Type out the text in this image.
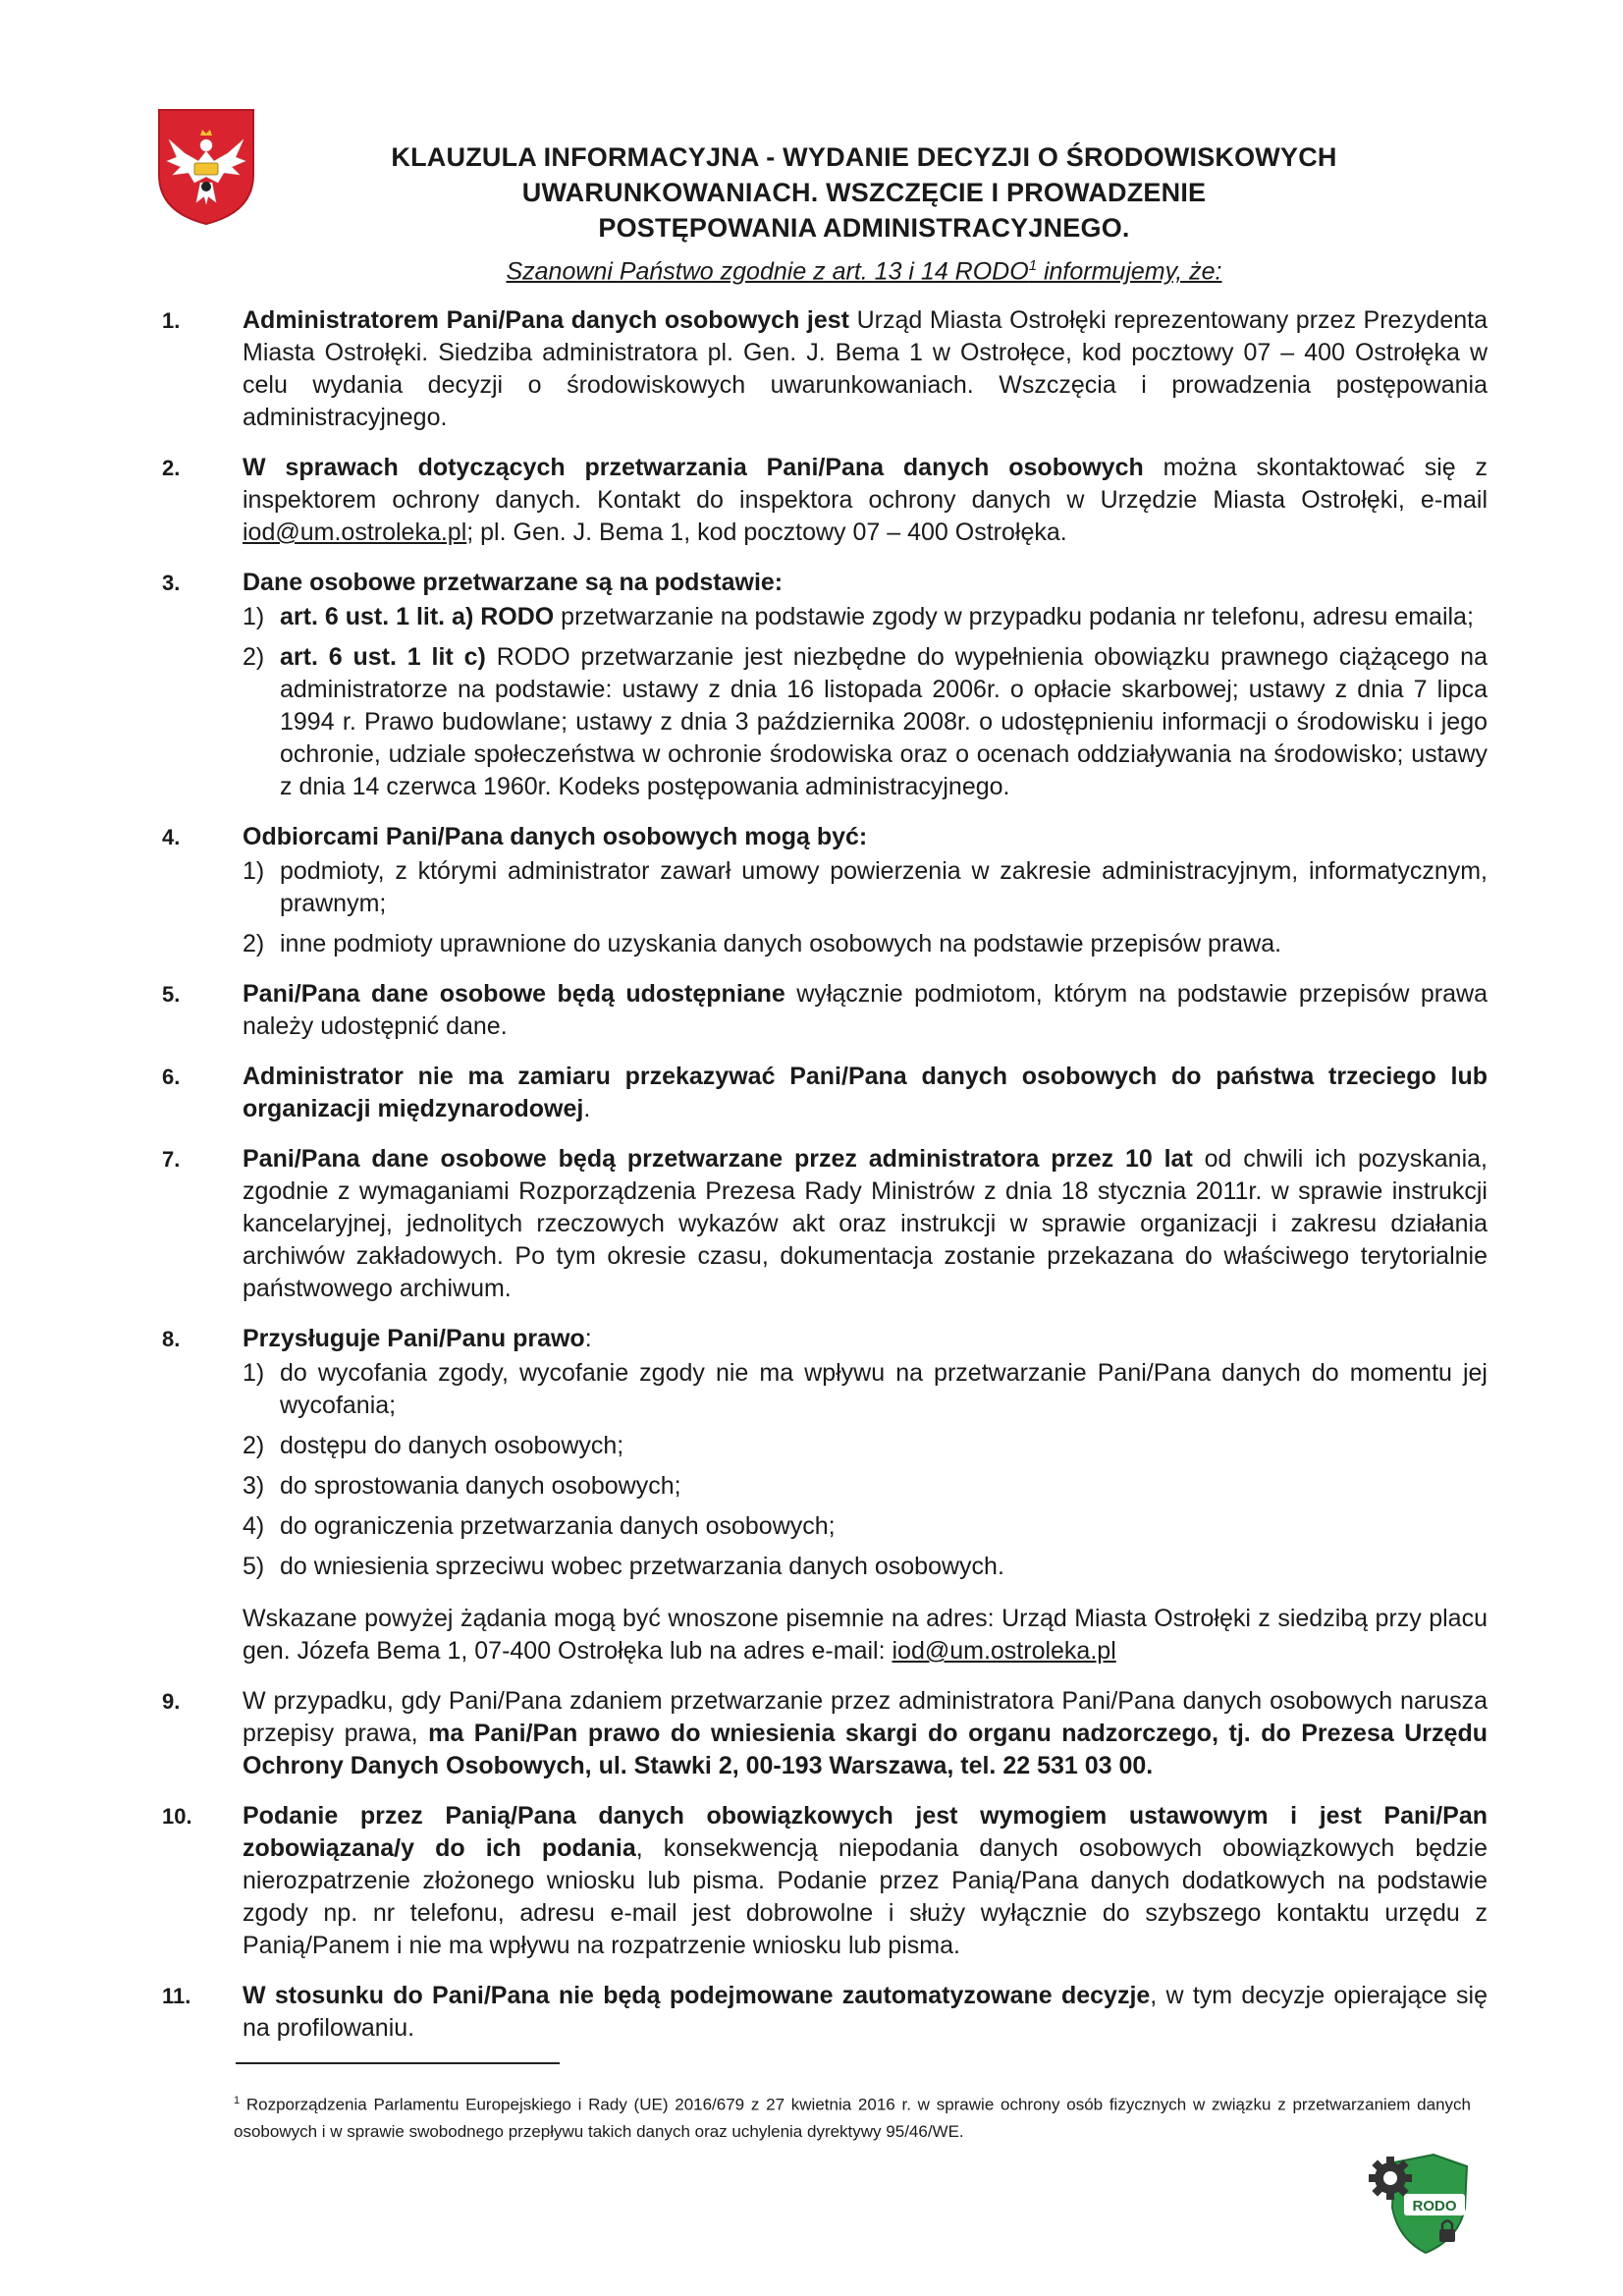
KLAUZULA INFORMACYJNA - WYDANIE DECYZJI O ŚRODOWISKOWYCH
UWARUNKOWANIACH. WSZCZĘCIE I PROWADZENIE
POSTĘPOWANIA ADMINISTRACYJNEGO.
Szanowni Państwo zgodnie z art. 13 i 14 RODO$^1$ informujemy, że:
1.	Administratorem Pani/Pana danych osobowych jest Urząd Miasta Ostrołęki reprezentowany przez Prezydenta Miasta Ostrołęki. Siedziba administratora pl. Gen. J. Bema 1 w Ostrołęce, kod pocztowy 07 – 400 Ostrołęka w celu wydania decyzji o środowiskowych uwarunkowaniach. Wszczęcia i prowadzenia postępowania administracyjnego.
2.	W sprawach dotyczących przetwarzania Pani/Pana danych osobowych można skontaktować się z inspektorem ochrony danych. Kontakt do inspektora ochrony danych w Urzędzie Miasta Ostrołęki, e-mail iod@um.ostroleka.pl; pl. Gen. J. Bema 1, kod pocztowy 07 – 400 Ostrołęka.
3.	Dane osobowe przetwarzane są na podstawie:
1) art. 6 ust. 1 lit. a) RODO przetwarzanie na podstawie zgody w przypadku podania nr telefonu, adresu emaila;
2) art. 6 ust. 1 lit c) RODO przetwarzanie jest niezbędne do wypełnienia obowiązku prawnego ciążącego na administratorze na podstawie: ustawy z dnia 16 listopada 2006r. o opłacie skarbowej; ustawy z dnia 7 lipca 1994 r. Prawo budowlane; ustawy z dnia 3 października 2008r. o udostępnieniu informacji o środowisku i jego ochronie, udziale społeczeństwa w ochronie środowiska oraz o ocenach oddziaływania na środowisko; ustawy z dnia 14 czerwca 1960r. Kodeks postępowania administracyjnego.
4.	Odbiorcami Pani/Pana danych osobowych mogą być:
1) podmioty, z którymi administrator zawarł umowy powierzenia w zakresie administracyjnym, informatycznym, prawnym;
2) inne podmioty uprawnione do uzyskania danych osobowych na podstawie przepisów prawa.
5.	Pani/Pana dane osobowe będą udostępniane wyłącznie podmiotom, którym na podstawie przepisów prawa należy udostępnić dane.
6.	Administrator nie ma zamiaru przekazywać Pani/Pana danych osobowych do państwa trzeciego lub organizacji międzynarodowej.
7.	Pani/Pana dane osobowe będą przetwarzane przez administratora przez 10 lat od chwili ich pozyskania, zgodnie z wymaganiami Rozporządzenia Prezesa Rady Ministrów z dnia 18 stycznia 2011r. w sprawie instrukcji kancelaryjnej, jednolitych rzeczowych wykazów akt oraz instrukcji w sprawie organizacji i zakresu działania archiwów zakładowych. Po tym okresie czasu, dokumentacja zostanie przekazana do właściwego terytorialnie państwowego archiwum.
8.	Przysługuje Pani/Panu prawo:
1) do wycofania zgody, wycofanie zgody nie ma wpływu na przetwarzanie Pani/Pana danych do momentu jej wycofania;
2) dostępu do danych osobowych;
3) do sprostowania danych osobowych;
4) do ograniczenia przetwarzania danych osobowych;
5) do wniesienia sprzeciwu wobec przetwarzania danych osobowych.
Wskazane powyżej żądania mogą być wnoszone pisemnie na adres: Urząd Miasta Ostrołęki z siedzibą przy placu gen. Józefa Bema 1, 07-400 Ostrołęka lub na adres e-mail: iod@um.ostroleka.pl
9.	W przypadku, gdy Pani/Pana zdaniem przetwarzanie przez administratora Pani/Pana danych osobowych narusza przepisy prawa, ma Pani/Pan prawo do wniesienia skargi do organu nadzorczego, tj. do Prezesa Urzędu Ochrony Danych Osobowych, ul. Stawki 2, 00-193 Warszawa, tel. 22 531 03 00.
10.	Podanie przez Panią/Pana danych obowiązkowych jest wymogiem ustawowym i jest Pani/Pan zobowiązana/y do ich podania, konsekwencją niepodania danych osobowych obowiązkowych będzie nierozpatrzenie złożonego wniosku lub pisma. Podanie przez Panią/Pana danych dodatkowych na podstawie zgody np. nr telefonu, adresu e-mail jest dobrowolne i służy wyłącznie do szybszego kontaktu urzędu z Panią/Panem i nie ma wpływu na rozpatrzenie wniosku lub pisma.
11.	W stosunku do Pani/Pana nie będą podejmowane zautomatyzowane decyzje, w tym decyzje opierające się na profilowaniu.
$^1$ Rozporządzenia Parlamentu Europejskiego i Rady (UE) 2016/679 z 27 kwietnia 2016 r. w sprawie ochrony osób fizycznych w związku z przetwarzaniem danych osobowych i w sprawie swobodnego przepływu takich danych oraz uchylenia dyrektywy 95/46/WE.
RODO
